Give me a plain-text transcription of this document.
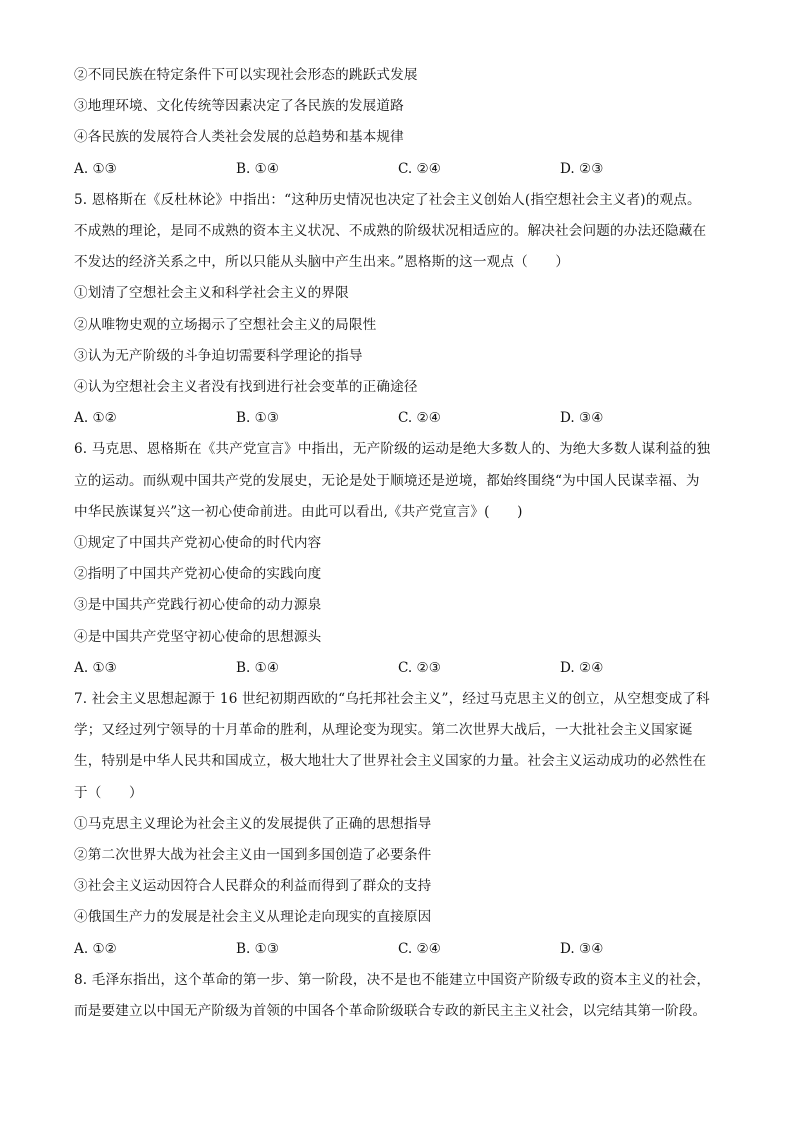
②不同民族在特定条件下可以实现社会形态的跳跃式发展
③地理环境、文化传统等因素决定了各民族的发展道路
④各民族的发展符合人类社会发展的总趋势和基本规律
A. ①③	B. ①④	C. ②④	D. ②③
5. 恩格斯在《反杜林论》中指出：“这种历史情况也决定了社会主义创始人(指空想社会主义者)的观点。
不成熟的理论，是同不成熟的资本主义状况、不成熟的阶级状况相适应的。解决社会问题的办法还隐藏在
不发达的经济关系之中，所以只能从头脑中产生出来。”恩格斯的这一观点（　　）
①划清了空想社会主义和科学社会主义的界限
②从唯物史观的立场揭示了空想社会主义的局限性
③认为无产阶级的斗争迫切需要科学理论的指导
④认为空想社会主义者没有找到进行社会变革的正确途径
A. ①②	B. ①③	C. ②④	D. ③④
6. 马克思、恩格斯在《共产党宣言》中指出，无产阶级的运动是绝大多数人的、为绝大多数人谋利益的独
立的运动。而纵观中国共产党的发展史，无论是处于顺境还是逆境，都始终围绕“为中国人民谋幸福、为
中华民族谋复兴”这一初心使命前进。由此可以看出,《共产党宣言》(　　)
①规定了中国共产党初心使命的时代内容
②指明了中国共产党初心使命的实践向度
③是中国共产党践行初心使命的动力源泉
④是中国共产党坚守初心使命的思想源头
A. ①③	B. ①④	C. ②③	D. ②④
7. 社会主义思想起源于 16 世纪初期西欧的“乌托邦社会主义”，经过马克思主义的创立，从空想变成了科
学；又经过列宁领导的十月革命的胜利，从理论变为现实。第二次世界大战后，一大批社会主义国家诞
生，特别是中华人民共和国成立，极大地壮大了世界社会主义国家的力量。社会主义运动成功的必然性在
于（　　）
①马克思主义理论为社会主义的发展提供了正确的思想指导
②第二次世界大战为社会主义由一国到多国创造了必要条件
③社会主义运动因符合人民群众的利益而得到了群众的支持
④俄国生产力的发展是社会主义从理论走向现实的直接原因
A. ①②	B. ①③	C. ②④	D. ③④
8. 毛泽东指出，这个革命的第一步、第一阶段，决不是也不能建立中国资产阶级专政的资本主义的社会，
而是要建立以中国无产阶级为首领的中国各个革命阶级联合专政的新民主主义社会，以完结其第一阶段。
